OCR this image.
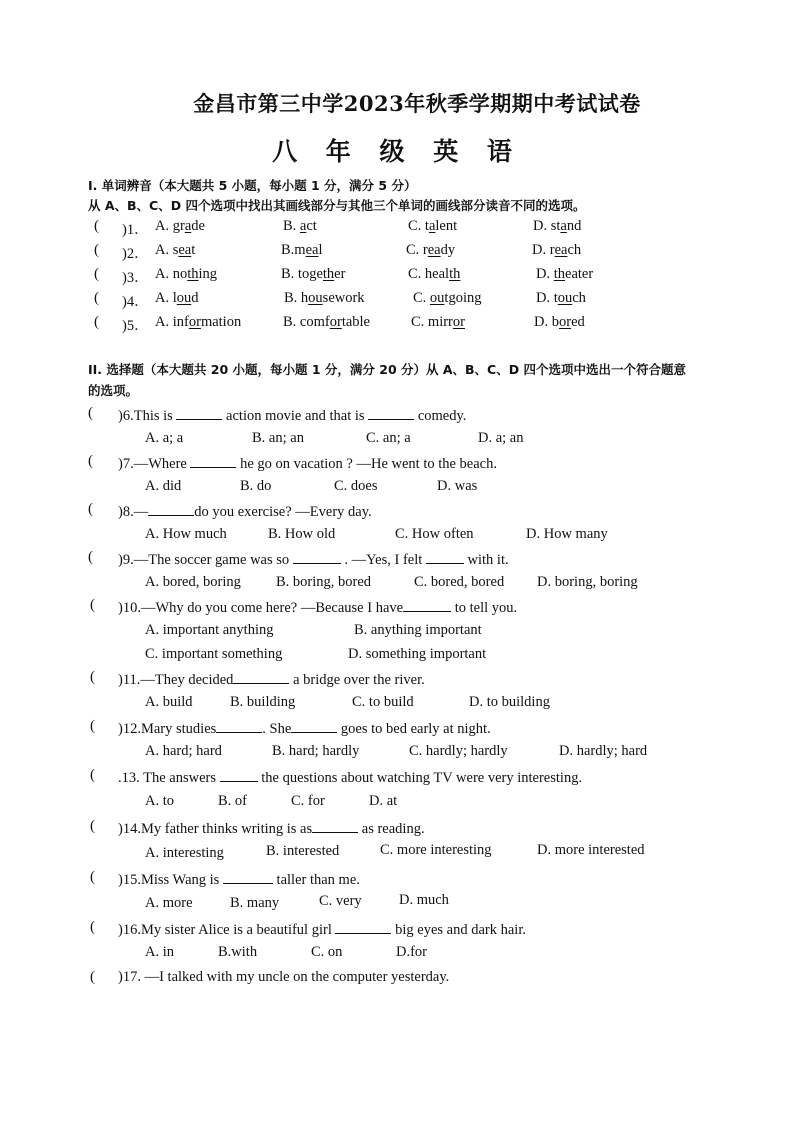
金昌市第三中学2023年秋季学期期中考试试卷
八 年 级 英 语
I. 单词辨音（本大题共 5 小题，每小题 1 分，满分 5 分）
从 A、B、C、D 四个选项中找出其画线部分与其他三个单词的画线部分读音不同的选项。
( )1． A. grade	B. act	C. talent	D. stand
( )2． A. seat	B.meal	C. ready	D. reach
( )3． A. nothing	B. together	C. health	D. theater
( )4． A. loud	B. housework	C. outgoing	D. touch
( )5． A. information	B. comfortable	C. mirror	D. bored
II. 选择题（本大题共 20 小题，每小题 1 分，满分 20 分）从 A、B、C、D 四个选项中选出一个符合题意
的选项。
( )6.This is	action movie and that is	comedy.
A. a; a	B. an; an	C. an; a	D. a; an
( )7.—Where	he go on vacation ? —He went to the beach.
A. did	B. do	C. does	D. was
( )8.—	do you exercise? —Every day.
A. How much	B. How old	C. How often	D. How many
( )9.—The soccer game was so	. —Yes, I felt	with it.
A. bored, boring B. boring, bored	C. bored, bored D. boring, boring
( )10.—Why do you come here? —Because I have	to tell you.
A. important anything	B. anything important
C. important something	D. something important
( )11.—They decided	a bridge over the river.
A. build	B. building	C. to build	D. to building
( )12.Mary studies	. She	goes to bed early at night.
A. hard; hard	B. hard; hardly	C. hardly; hardly	D. hardly; hard
( .13. The answers	the questions about watching TV were very interesting.
A. to	B. of	C. for	D. at
( )14.My father thinks writing is as	as reading.
A. interesting	B. interested	C. more interesting	D. more interested
( )15.Miss Wang is	taller than me.
A. more	B. many	C. very	D. much
( )16.My sister Alice is a beautiful girl	big eyes and dark hair.
A. in	B.with	C. on	D.for
( )17. —I talked with my uncle on the computer yesterday.
